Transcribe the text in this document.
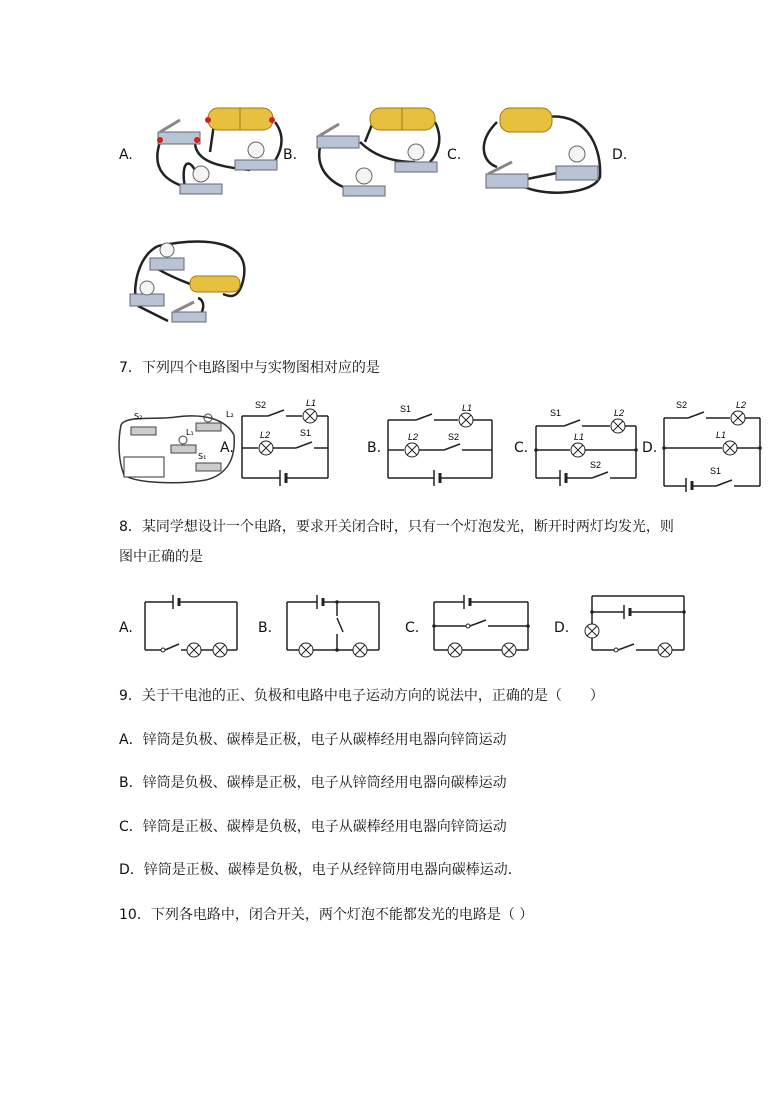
A.	B.	C.	D.
7．下列四个电路图中与实物图相对应的是
S₂	L₂
L₁
S₁
A.
S2	L1
L2	S1
B.
S1	L1
L2	S2
C.
S1	L2
L1
S2
D.
S2	L2
L1
S1
8．某同学想设计一个电路，要求开关闭合时，只有一个灯泡发光，断开时两灯均发光，则
图中正确的是
A.	B.	C.	D.
9．关于干电池的正、负极和电路中电子运动方向的说法中，正确的是（　　）
A．锌筒是负极、碳棒是正极，电子从碳棒经用电器向锌筒运动
B．锌筒是负极、碳棒是正极，电子从锌筒经用电器向碳棒运动
C．锌筒是正极、碳棒是负极，电子从碳棒经用电器向锌筒运动
D．锌筒是正极、碳棒是负极，电子从经锌筒用电器向碳棒运动.
10．下列各电路中，闭合开关，两个灯泡不能都发光的电路是（ ）
